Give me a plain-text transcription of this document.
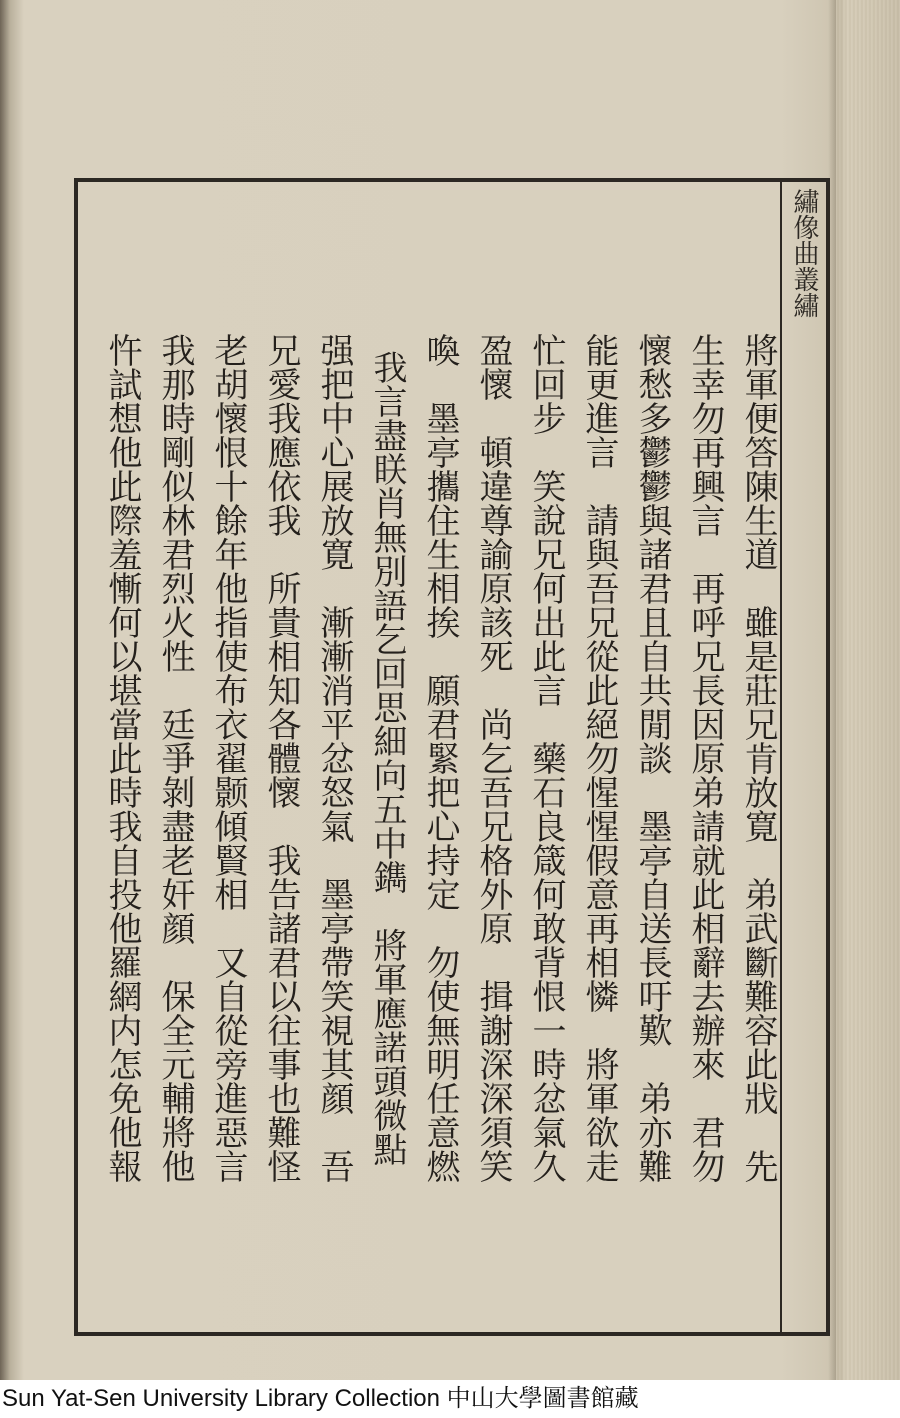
繡像曲叢繡
將軍便答陳生道　雖是莊兄肯放寛　弟武斷難容此戕　先
生幸勿再興言　再呼兄長因原弟請就此相辭去辦來　君勿
懷愁多鬱鬱與諸君且自共閒談　墨亭自送長吁歎　弟亦難
能更進言　請與吾兄從此絕勿惺惺假意再相憐　將軍欲走
忙回步　笑說兄何出此言　藥石良箴何敢背恨一時忿氣久
盈懷　頓違尊諭原該死　尚乞吾兄格外原　揖謝深深須笑
喚　墨亭攜住生相挨　願君緊把心持定　勿使無明任意燃
我言盡眹肖無別語乞回思細向五中鐫　將軍應諾頭微點
强把中心展放寛　漸漸消平忿怒氣　墨亭帶笑視其顔　吾
兄愛我應依我　所貴相知各體懷　我告諸君以往事也難怪
老胡懷恨十餘年他指使布衣翟颢傾賢相　又自從旁進惡言
我那時剛似林君烈火性　廷爭剝盡老奸顔　保全元輔將他
忤試想他此際羞慚何以堪當此時我自投他羅網内怎免他報
Sun Yat-Sen University Library Collection 中山大學圖書館藏
